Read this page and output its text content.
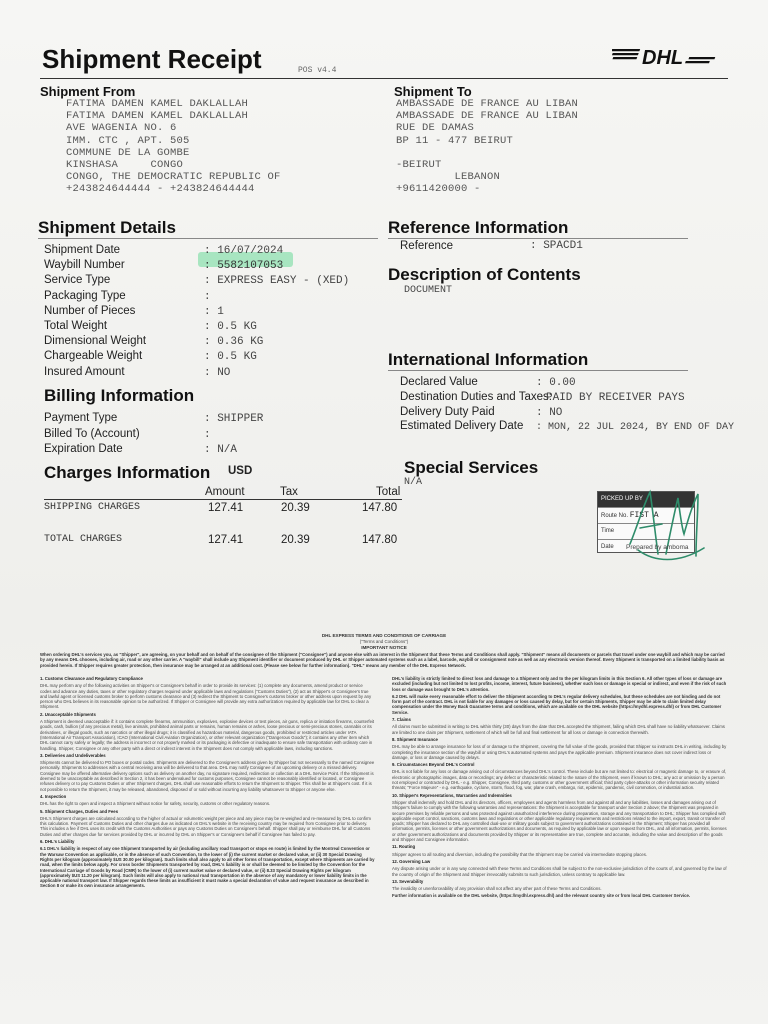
Shipment Receipt	POS v4.4
DHL
Shipment From
FATIMA DAMEN KAMEL DAKLALLAH
FATIMA DAMEN KAMEL DAKLALLAH
AVE WAGENIA NO. 6
IMM. CTC , APT. 505
COMMUNE DE LA GOMBE
KINSHASA     CONGO
CONGO, THE DEMOCRATIC REPUBLIC OF
+243824644444 - +243824644444
Shipment To
AMBASSADE DE FRANCE AU LIBAN
AMBASSADE DE FRANCE AU LIBAN
RUE DE DAMAS
BP 11 - 477 BEIRUT
-BEIRUT
LEBANON
+9611420000 -
Shipment Details
Shipment Date	: 16/07/2024
Waybill Number	: 5582107053
Service Type	: EXPRESS EASY - (XED)
Packaging Type	:
Number of Pieces	: 1
Total Weight	: 0.5 KG
Dimensional Weight	: 0.36 KG
Chargeable Weight	: 0.5 KG
Insured Amount	: NO
Reference Information
Reference	: SPACD1
Description of Contents
DOCUMENT
International Information
Declared Value	: 0.00
Destination Duties and Taxes:PAID BY RECEIVER PAYS
Delivery Duty Paid	: NO
Estimated Delivery Date : MON, 22 JUL 2024, BY END OF DAY
Billing Information
Payment Type	: SHIPPER
Billed To (Account)	:
Expiration Date	: N/A
Charges Information USD
Amount	Tax	Total
SHIPPING CHARGES	127.41	20.39	147.80
TOTAL CHARGES	127.41	20.39	147.80
Special Services
N/A
PICKED UP BY
Route No. FIST A
Time
Date	Prepared by amboma
DHL EXPRESS TERMS AND CONDITIONS OF CARRIAGE
("Terms and Conditions")
IMPORTANT NOTICE
When ordering DHL's services you, as "Shipper", are agreeing, on your behalf and on behalf of the consignee of the Shipment ("Consignee") and anyone else with an interest in the Shipment that these Terms and Conditions shall apply. "Shipment" means all documents or parcels that travel under one waybill and which may be carried by any means DHL chooses, including air, road or any other carrier. A "waybill" shall include any Shipment identifier or document produced by DHL or Shipper automated systems such as a label, barcode, waybill or consignment note as well as any electronic version thereof. Every Shipment is transported on a limited liability basis as provided herein. If Shipper requires greater protection, then insurance may be arranged at an additional cost. (Please see below for further information). "DHL" means any member of the DHL Express Network.

1. Customs Clearance and Regulatory Compliance

DHL may perform any of the following activities on Shipper's or Consignee's behalf in order to provide its services: (1) complete any documents, amend product or service codes and advance any duties, taxes or other regulatory charges required under applicable laws and regulations ("Customs Duties"), (2) act as Shipper's or Consignee's true and lawful agent or licensed customs broker to perform customs clearance and (3) redirect the Shipment to Consignee's customs broker or other address upon request by any person who DHL believes in its reasonable opinion to be authorized. If Shipper or Consignee will provide any extra authorization required by applicable law for DHL to clear a Shipment.

2. Unacceptable Shipments

A Shipment is deemed unacceptable if: it contains complete firearms, ammunition, explosives, explosive devices or test pieces, air guns, replica or imitation firearms, counterfeit goods, cash, bullion (of any precious metal), live animals, prohibited animal parts or remains, human remains or ashes, loose precious or semi-precious stones, cannabis or its derivatives, or illegal goods, such as narcotics or other illegal drugs; it is classified as hazardous material, dangerous goods, prohibited or restricted articles under IATA (International Air Transport Association), ICAO (International Civil Aviation Organization), or other relevant organization ("Dangerous Goods"); it contains any other item which DHL cannot carry safely or legally; the address is incorrect or not properly marked or its packaging is defective or inadequate to ensure safe transportation with ordinary care in handling. Shipper, Consignee or any other party with a direct or indirect interest in the Shipment does not comply with applicable laws, including sanctions.

3. Deliveries and Undeliverables

Shipments cannot be delivered to PO boxes or postal codes. Shipments are delivered to the Consignee's address given by Shipper but not necessarily to the named Consignee personally. Shipments to addresses with a central receiving area will be delivered to that area. DHL may notify Consignee of an upcoming delivery or a missed delivery. Consignee may be offered alternative delivery options such as delivery on another day, no signature required, redirection or collection at a DHL Service Point. If the Shipment is deemed to be unacceptable as described in Section 2, it has been undervalued for customs purposes, Consignee cannot be reasonably identified or located, or Consignee refuses delivery or to pay Customs Duties or other Shipment charges, DHL shall use reasonable efforts to return the Shipment to Shipper. This shall be at Shipper's cost. If it is not possible to return the Shipment, it may be released, abandoned, disposed of or sold without incurring any liability whatsoever to Shipper or anyone else.

4. Inspection

DHL has the right to open and inspect a Shipment without notice for safety, security, customs or other regulatory reasons.

5. Shipment Charges, Duties and Fees

DHL's Shipment charges are calculated according to the higher of actual or volumetric weight per piece and any piece may be re-weighed and re-measured by DHL to confirm this calculation. Payment of Customs Duties and other charges due as indicated on DHL's website in the receiving country may be required from Consignee prior to delivery. This includes a fee if DHL uses its credit with the Customs Authorities or pays any Customs Duties on Consignee's behalf. Shipper shall pay or reimburse DHL for all Customs Duties and other charges due for services provided by DHL or incurred by DHL on Shipper's or Consignee's behalf if Consignee has failed to pay.

6. DHL's Liability

6.1 DHL's liability in respect of any one Shipment transported by air (including ancillary road transport or stops en route) is limited by the Montreal Convention or the Warsaw Convention as applicable, or in the absence of such Convention, to the lower of (i) the current market or declared value, or (ii) 30 Special Drawing Rights per kilogram (approximately $US 30.00 per kilogram). Such limits shall also apply to all other forms of transportation, except where Shipments are carried by road, when the limits below apply. For cross border Shipments transported by road, DHL's liability is or shall be deemed to be limited by the Convention for the International Carriage of Goods by Road (CMR) to the lower of (i) current market value or declared value, or (ii) 8.33 Special Drawing Rights per kilogram (approximately $US 11.20 per kilogram). Such limits will also apply to national road transportation in the absence of any mandatory or lower liability limits in the applicable national transport law. If Shipper regards these limits as insufficient it must make a special declaration of value and request insurance as described in Section 8 or make its own insurance arrangements.

DHL's liability is strictly limited to direct loss and damage to a Shipment only and to the per kilogram limits in this Section 6. All other types of loss or damage are excluded (including but not limited to lost profits, income, interest, future business), whether such loss or damage is special or indirect, and even if the risk of such loss or damage was brought to DHL's attention.

6.2 DHL will make every reasonable effort to deliver the Shipment according to DHL's regular delivery schedules, but these schedules are not binding and do not form part of the contract. DHL is not liable for any damages or loss caused by delay, but for certain Shipments, Shipper may be able to claim limited delay compensation under the Money Back Guarantee terms and conditions, which are available on the DHL website (https://mydhl.express.dhl) or from DHL Customer Service.

7. Claims

All claims must be submitted in writing to DHL within thirty (30) days from the date that DHL accepted the Shipment, failing which DHL shall have no liability whatsoever. Claims are limited to one claim per Shipment, settlement of which will be full and final settlement for all loss or damage in connection therewith.

8. Shipment Insurance

DHL may be able to arrange insurance for loss of or damage to the Shipment, covering the full value of the goods, provided that Shipper so instructs DHL in writing, including by completing the insurance section of the waybill or using DHL's automated systems and pays the applicable premium. Shipment insurance does not cover indirect loss or damage, or loss or damage caused by delays.

9. Circumstances Beyond DHL's Control

DHL is not liable for any loss or damage arising out of circumstances beyond DHL's control. These include but are not limited to: electrical or magnetic damage to, or erasure of, electronic or photographic images, data or recordings; any defect or characteristic related to the nature of the Shipment, even if known to DHL; any act or omission by a person not employed or contracted by DHL - e.g. Shipper, Consignee, third party, customs or other government official; third party cyber-attacks or other information security related threats; "Force Majeure" - e.g. earthquake, cyclone, storm, flood, fog, war, plane crash, embargo, riot, epidemic, pandemic, civil commotion, or industrial action.

10. Shipper's Representations, Warranties and Indemnities

Shipper shall indemnify and hold DHL and its directors, officers, employees and agents harmless from and against all and any liabilities, losses and damages arising out of Shipper's failure to comply with the following warranties and representations: the Shipment is acceptable for transport under Section 2 above; the Shipment was prepared in secure premises by reliable persons and was protected against unauthorized interference during preparation, storage and any transportation to DHL; Shipper has complied with applicable export control, sanctions, customs laws and regulations or other applicable regulatory requirements and restrictions related to the import, export, transit or transfer of goods; Shipper has declared to DHL any controlled dual-use or military goods subject to government authorizations contained in the Shipment; Shipper has provided all information, permits, licenses or other government authorizations and documents, as required by applicable law or upon request from DHL, and all information, permits, licenses or other government authorizations and documents provided by Shipper or its representative are true, complete and accurate, including the value and description of the goods and Shipper and Consignee information.

11. Routing

Shipper agrees to all routing and diversion, including the possibility that the Shipment may be carried via intermediate stopping places.

12. Governing Law

Any dispute arising under or in any way connected with these Terms and Conditions shall be subject to the non-exclusive jurisdiction of the courts of, and governed by the law of the country of origin of the Shipment and Shipper irrevocably submits to such jurisdiction, unless contrary to applicable law.

13. Severability

The invalidity or unenforceability of any provision shall not affect any other part of these Terms and Conditions.

Further information is available on the DHL website, (https://mydhl.express.dhl) and the relevant country site or from local DHL Customer Service.
